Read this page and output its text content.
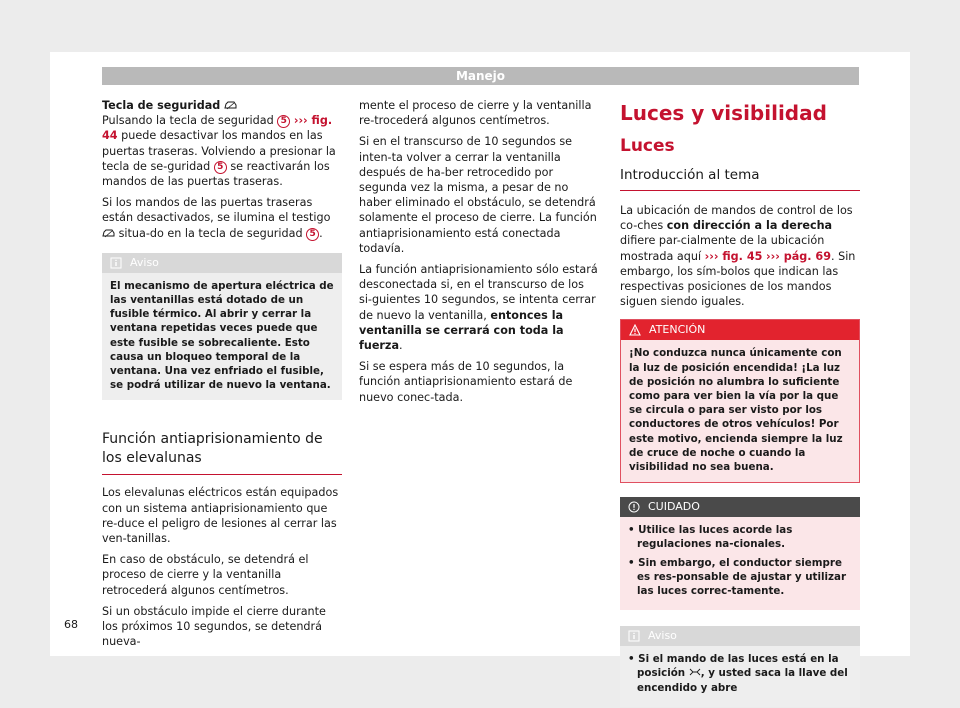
Manejo

Tecla de seguridad
Pulsando la tecla de seguridad 5 ››› fig. 44 puede desactivar los mandos en las puertas traseras. Volviendo a presionar la tecla de se-guridad 5 se reactivarán los mandos de las puertas traseras.

Si los mandos de las puertas traseras están desactivados, se ilumina el testigo  situa-do en la tecla de seguridad 5 .

Aviso
El mecanismo de apertura eléctrica de las ventanillas está dotado de un fusible térmico. Al abrir y cerrar la ventana repetidas veces puede que este fusible se sobrecaliente. Esto causa un bloqueo temporal de la ventana. Una vez enfriado el fusible, se podrá utilizar de nuevo la ventana.
Función antiaprisionamiento de los elevalunas

Los elevalunas eléctricos están equipados con un sistema antiaprisionamiento que re-duce el peligro de lesiones al cerrar las ven-tanillas.

En caso de obstáculo, se detendrá el proceso de cierre y la ventanilla retrocederá algunos centímetros.

Si un obstáculo impide el cierre durante los próximos 10 segundos, se detendrá nueva-

mente el proceso de cierre y la ventanilla re-trocederá algunos centímetros.

Si en el transcurso de 10 segundos se inten-ta volver a cerrar la ventanilla después de ha-ber retrocedido por segunda vez la misma, a pesar de no haber eliminado el obstáculo, se detendrá solamente el proceso de cierre. La función antiaprisionamiento está conectada todavía.

La función antiaprisionamiento sólo estará desconectada si, en el transcurso de los si-guientes 10 segundos, se intenta cerrar de nuevo la ventanilla, entonces la ventanilla se cerrará con toda la fuerza.

Si se espera más de 10 segundos, la función antiaprisionamiento estará de nuevo conec-tada.

Luces y visibilidad
Luces
Introducción al tema

La ubicación de mandos de control de los co-ches con dirección a la derecha difiere par-cialmente de la ubicación mostrada aquí ››› fig. 45 ››› pág. 69. Sin embargo, los sím-bolos que indican las respectivas posiciones de los mandos siguen siendo iguales.

ATENCIÓN
¡No conduzca nunca únicamente con la luz de posición encendida! ¡La luz de posición no alumbra lo suficiente como para ver bien la vía por la que se circula o para ser visto por los conductores de otros vehículos! Por este motivo, encienda siempre la luz de cruce de noche o cuando la visibilidad no sea buena.
CUIDADO
• Utilice las luces acorde las regulaciones na-cionales.
• Sin embargo, el conductor siempre es res-ponsable de ajustar y utilizar las luces correc-tamente.
Aviso
• Si el mando de las luces está en la posición , y usted saca la llave del encendido y abre
68
